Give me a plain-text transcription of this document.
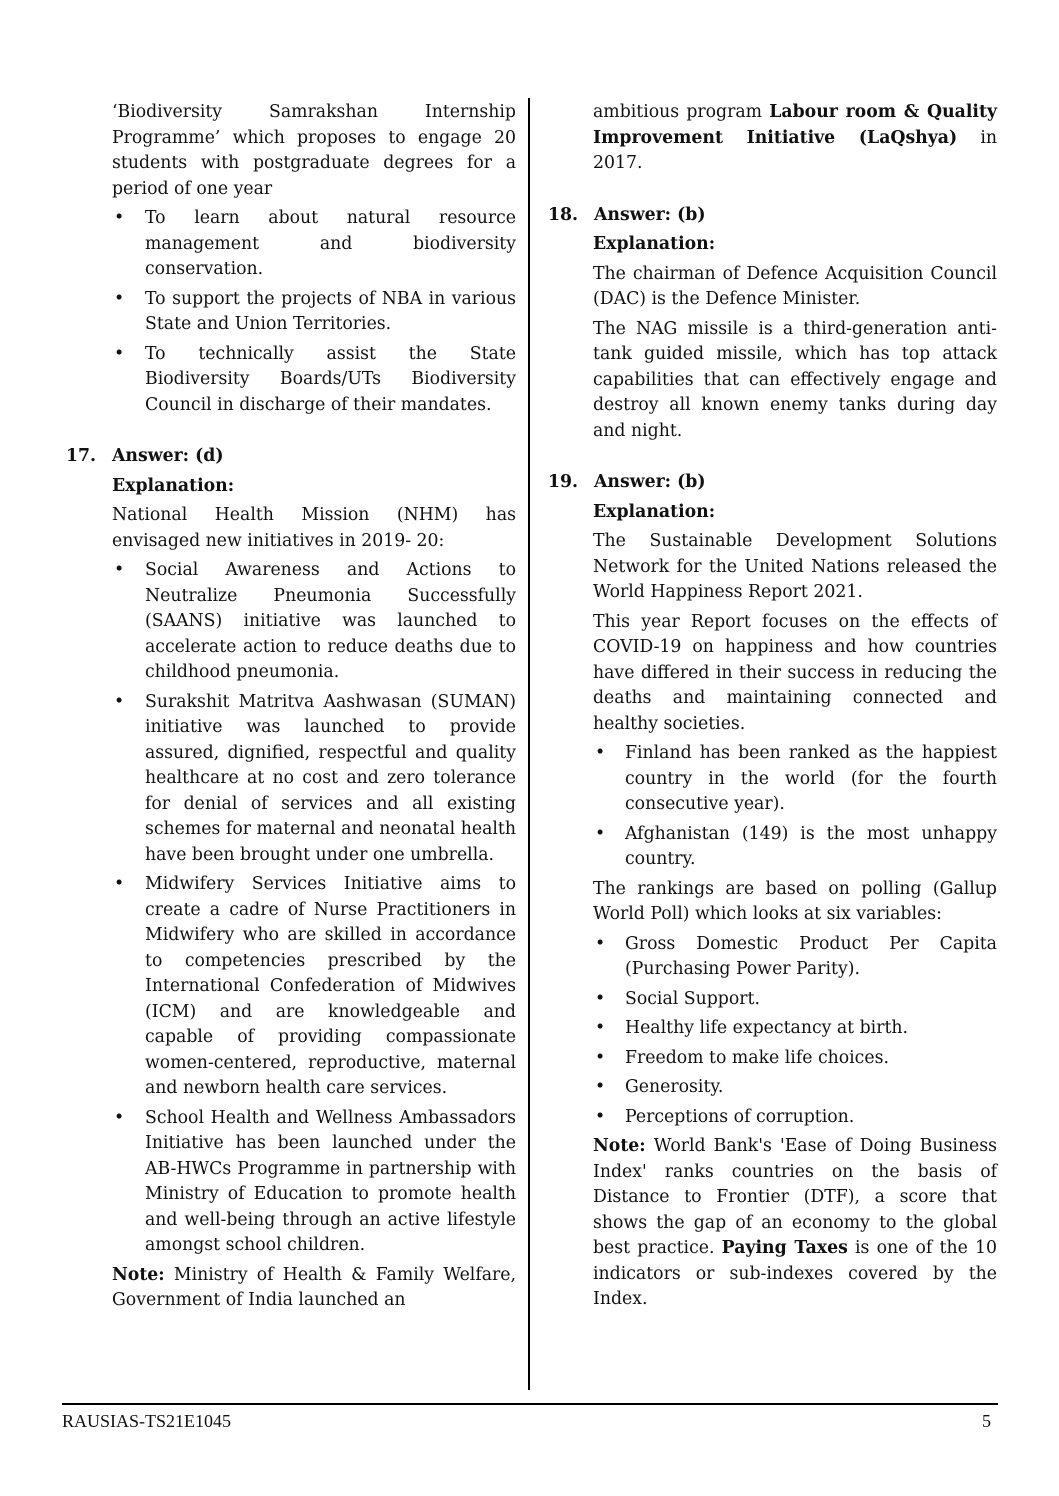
‘Biodiversity Samrakshan Internship Programme’ which proposes to engage 20 students with postgraduate degrees for a period of one year

• To learn about natural resource management and biodiversity conservation.
• To support the projects of NBA in various State and Union Territories.
• To technically assist the State Biodiversity Boards/UTs Biodiversity Council in discharge of their mandates.
17. Answer: (d)

Explanation:

National Health Mission (NHM) has envisaged new initiatives in 2019- 20:

• Social Awareness and Actions to Neutralize Pneumonia Successfully (SAANS) initiative was launched to accelerate action to reduce deaths due to childhood pneumonia.
• Surakshit Matritva Aashwasan (SUMAN) initiative was launched to provide assured, dignified, respectful and quality healthcare at no cost and zero tolerance for denial of services and all existing schemes for maternal and neonatal health have been brought under one umbrella.
• Midwifery Services Initiative aims to create a cadre of Nurse Practitioners in Midwifery who are skilled in accordance to competencies prescribed by the International Confederation of Midwives (ICM) and are knowledgeable and capable of providing compassionate women-centered, reproductive, maternal and newborn health care services.
• School Health and Wellness Ambassadors Initiative has been launched under the AB-HWCs Programme in partnership with Ministry of Education to promote health and well-being through an active lifestyle amongst school children.

Note: Ministry of Health & Family Welfare, Government of India launched an

ambitious program Labour room & Quality Improvement Initiative (LaQshya) in 2017.

18. Answer: (b)

Explanation:

The chairman of Defence Acquisition Council (DAC) is the Defence Minister.

The NAG missile is a third-generation anti-tank guided missile, which has top attack capabilities that can effectively engage and destroy all known enemy tanks during day and night.

19. Answer: (b)

Explanation:

The Sustainable Development Solutions Network for the United Nations released the World Happiness Report 2021.

This year Report focuses on the effects of COVID-19 on happiness and how countries have differed in their success in reducing the deaths and maintaining connected and healthy societies.

• Finland has been ranked as the happiest country in the world (for the fourth consecutive year).
• Afghanistan (149) is the most unhappy country.

The rankings are based on polling (Gallup World Poll) which looks at six variables:

• Gross Domestic Product Per Capita (Purchasing Power Parity).
• Social Support.
• Healthy life expectancy at birth.
• Freedom to make life choices.
• Generosity.
• Perceptions of corruption.

Note: World Bank's 'Ease of Doing Business Index' ranks countries on the basis of Distance to Frontier (DTF), a score that shows the gap of an economy to the global best practice. Paying Taxes is one of the 10 indicators or sub-indexes covered by the Index.

RAUSIAS-TS21E1045	5
